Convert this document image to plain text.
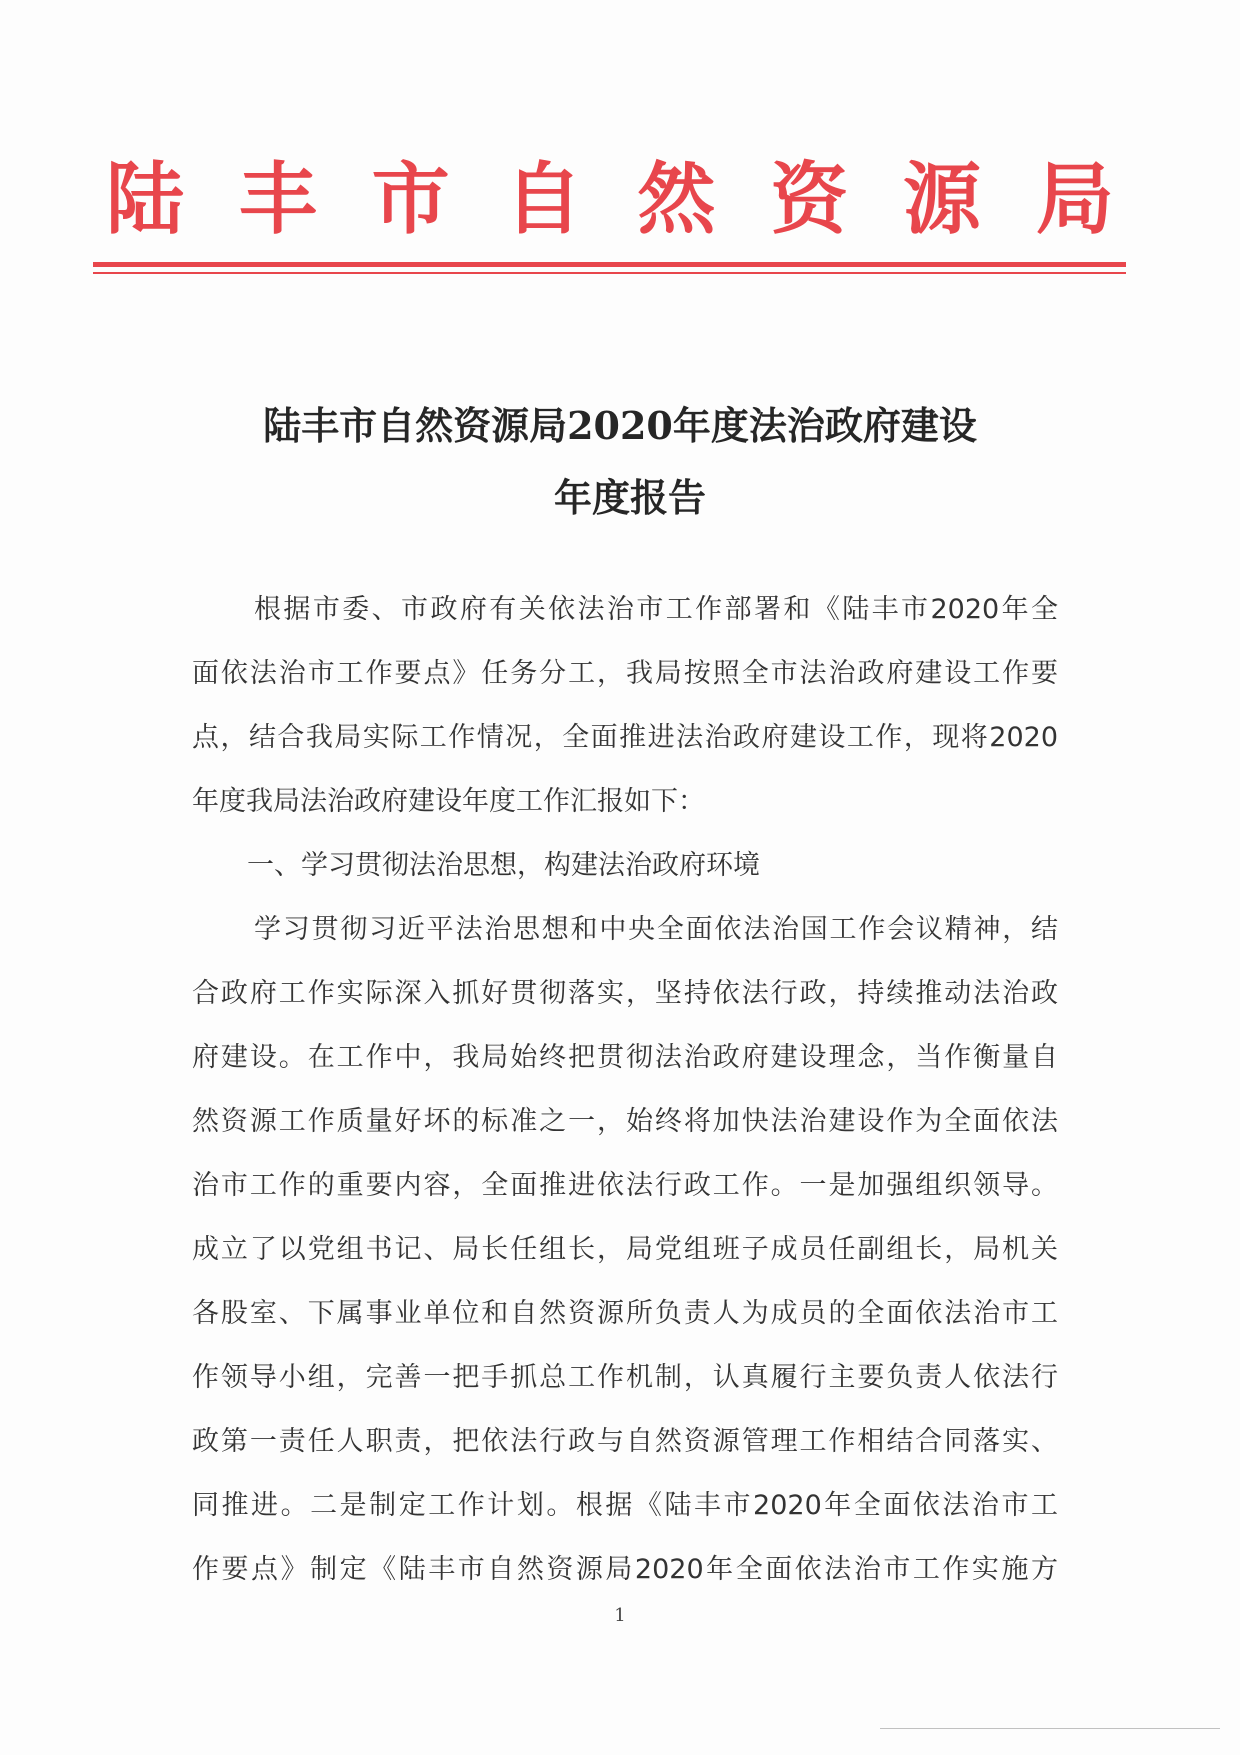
陆 丰 市 自 然 资 源 局
陆丰市自然资源局2020年度法治政府建设
年度报告
根据市委、市政府有关依法治市工作部署和《陆丰市2020年全
面依法治市工作要点》任务分工，我局按照全市法治政府建设工作要
点，结合我局实际工作情况，全面推进法治政府建设工作，现将2020
年度我局法治政府建设年度工作汇报如下：
一、学习贯彻法治思想，构建法治政府环境
学习贯彻习近平法治思想和中央全面依法治国工作会议精神，结
合政府工作实际深入抓好贯彻落实，坚持依法行政，持续推动法治政
府建设。在工作中，我局始终把贯彻法治政府建设理念，当作衡量自
然资源工作质量好坏的标准之一，始终将加快法治建设作为全面依法
治市工作的重要内容，全面推进依法行政工作。一是加强组织领导。
成立了以党组书记、局长任组长，局党组班子成员任副组长，局机关
各股室、下属事业单位和自然资源所负责人为成员的全面依法治市工
作领导小组，完善一把手抓总工作机制，认真履行主要负责人依法行
政第一责任人职责，把依法行政与自然资源管理工作相结合同落实、
同推进。二是制定工作计划。根据《陆丰市2020年全面依法治市工
作要点》制定《陆丰市自然资源局2020年全面依法治市工作实施方
1
